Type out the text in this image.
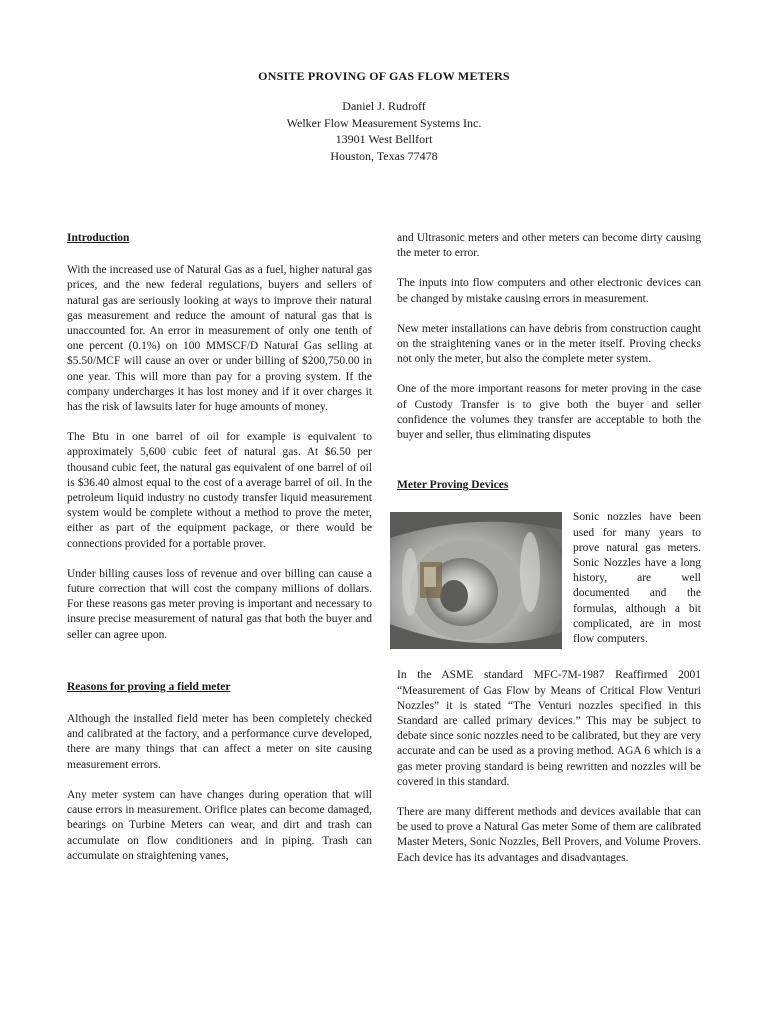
ONSITE PROVING OF GAS FLOW METERS
Daniel J. Rudroff
Welker Flow Measurement Systems Inc.
13901 West Bellfort
Houston, Texas 77478
Introduction

With the increased use of Natural Gas as a fuel, higher natural gas prices, and the new federal regulations, buyers and sellers of natural gas are seriously looking at ways to improve their natural gas measurement and reduce the amount of natural gas that is unaccounted for. An error in measurement of only one tenth of one percent (0.1%) on 100 MMSCF/D Natural Gas selling at $5.50/MCF will cause an over or under billing of $200,750.00 in one year. This will more than pay for a proving system. If the company undercharges it has lost money and if it over charges it has the risk of lawsuits later for huge amounts of money.

The Btu in one barrel of oil for example is equivalent to approximately 5,600 cubic feet of natural gas. At $6.50 per thousand cubic feet, the natural gas equivalent of one barrel of oil is $36.40 almost equal to the cost of a average barrel of oil. In the petroleum liquid industry no custody transfer liquid measurement system would be complete without a method to prove the meter, either as part of the equipment package, or there would be connections provided for a portable prover.

Under billing causes loss of revenue and over billing can cause a future correction that will cost the company millions of dollars. For these reasons gas meter proving is important and necessary to insure precise measurement of natural gas that both the buyer and seller can agree upon.

Reasons for proving a field meter

Although the installed field meter has been completely checked and calibrated at the factory, and a performance curve developed, there are many things that can affect a meter on site causing measurement errors.

Any meter system can have changes during operation that will cause errors in measurement. Orifice plates can become damaged, bearings on Turbine Meters can wear, and dirt and trash can accumulate on flow conditioners and in piping. Trash can accumulate on straightening vanes,

and Ultrasonic meters and other meters can become dirty causing the meter to error.

The inputs into flow computers and other electronic devices can be changed by mistake causing errors in measurement.

New meter installations can have debris from construction caught on the straightening vanes or in the meter itself. Proving checks not only the meter, but also the complete meter system.

One of the more important reasons for meter proving in the case of Custody Transfer is to give both the buyer and seller confidence the volumes they transfer are acceptable to both the buyer and seller, thus eliminating disputes

Meter Proving Devices

Sonic nozzles have been used for many years to prove natural gas meters. Sonic Nozzles have a long history, are well documented and the formulas, although a bit complicated, are in most flow computers.

In the ASME standard MFC-7M-1987 Reaffirmed 2001 “Measurement of Gas Flow by Means of Critical Flow Venturi Nozzles” it is stated “The Venturi nozzles specified in this Standard are called primary devices.” This may be subject to debate since sonic nozzles need to be calibrated, but they are very accurate and can be used as a proving method. AGA 6 which is a gas meter proving standard is being rewritten and nozzles will be covered in this standard.

There are many different methods and devices available that can be used to prove a Natural Gas meter Some of them are calibrated Master Meters, Sonic Nozzles, Bell Provers, and Volume Provers. Each device has its advantages and disadvantages.
